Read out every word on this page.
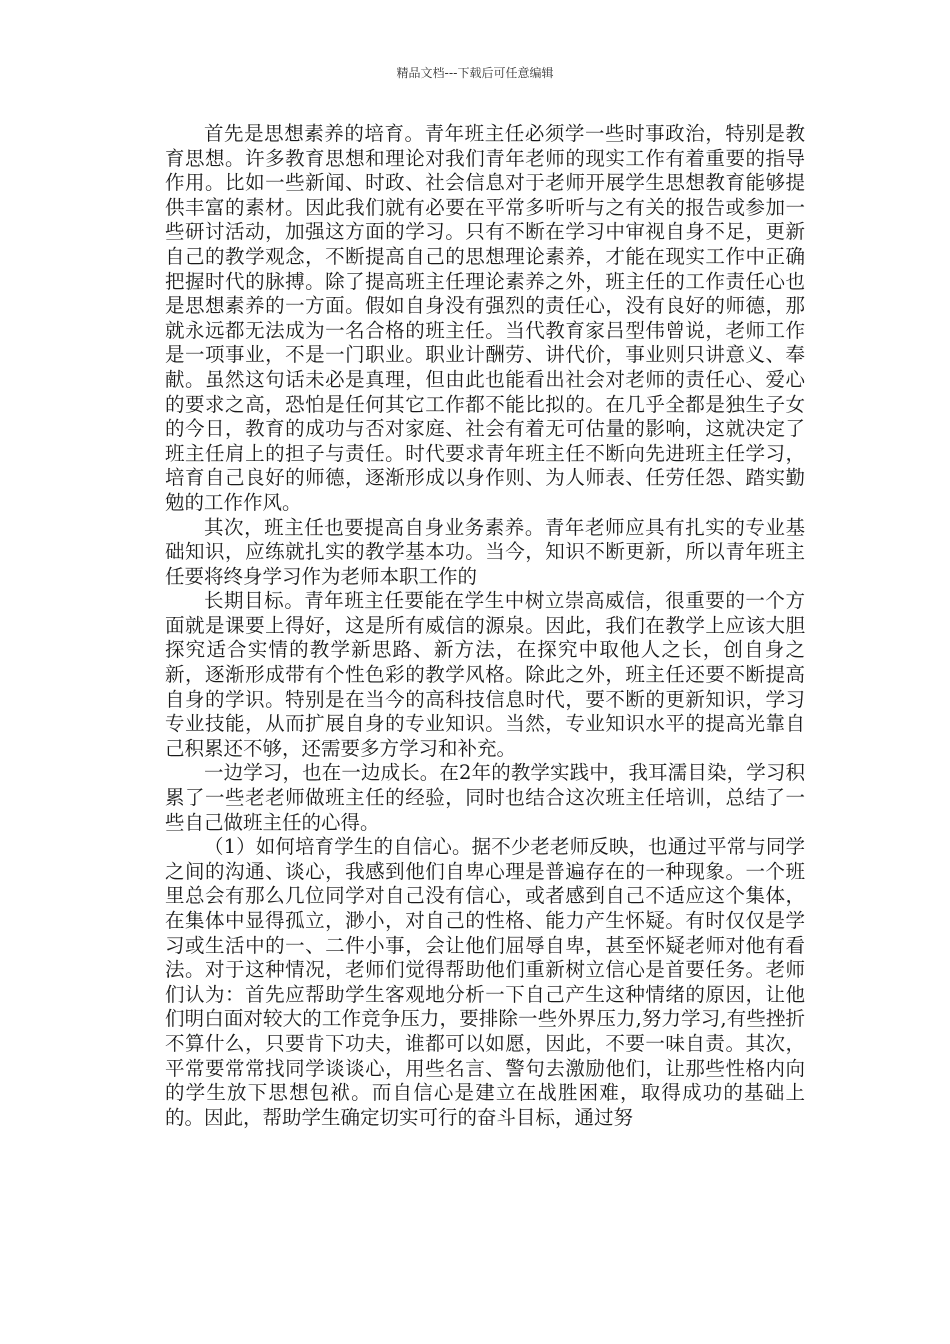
精品文档---下载后可任意编辑

首先是思想素养的培育。青年班主任必须学一些时事政治，特别是教育思想。许多教育思想和理论对我们青年老师的现实工作有着重要的指导作用。比如一些新闻、时政、社会信息对于老师开展学生思想教育能够提供丰富的素材。因此我们就有必要在平常多听听与之有关的报告或参加一些研讨活动，加强这方面的学习。只有不断在学习中审视自身不足，更新自己的教学观念，不断提高自己的思想理论素养，才能在现实工作中正确把握时代的脉搏。除了提高班主任理论素养之外，班主任的工作责任心也是思想素养的一方面。假如自身没有强烈的责任心，没有良好的师德，那就永远都无法成为一名合格的班主任。当代教育家吕型伟曾说，老师工作是一项事业，不是一门职业。职业计酬劳、讲代价，事业则只讲意义、奉献。虽然这句话未必是真理，但由此也能看出社会对老师的责任心、爱心的要求之高，恐怕是任何其它工作都不能比拟的。在几乎全都是独生子女的今日，教育的成功与否对家庭、社会有着无可估量的影响，这就决定了班主任肩上的担子与责任。时代要求青年班主任不断向先进班主任学习，培育自己良好的师德，逐渐形成以身作则、为人师表、任劳任怨、踏实勤勉的工作作风。

其次，班主任也要提高自身业务素养。青年老师应具有扎实的专业基础知识，应练就扎实的教学基本功。当今，知识不断更新，所以青年班主任要将终身学习作为老师本职工作的

长期目标。青年班主任要能在学生中树立崇高威信，很重要的一个方面就是课要上得好，这是所有威信的源泉。因此，我们在教学上应该大胆探究适合实情的教学新思路、新方法，在探究中取他人之长，创自身之新，逐渐形成带有个性色彩的教学风格。除此之外，班主任还要不断提高自身的学识。特别是在当今的高科技信息时代，要不断的更新知识，学习专业技能，从而扩展自身的专业知识。当然，专业知识水平的提高光靠自己积累还不够，还需要多方学习和补充。

一边学习，也在一边成长。在2年的教学实践中，我耳濡目染，学习积累了一些老老师做班主任的经验，同时也结合这次班主任培训，总结了一些自己做班主任的心得。

（1）如何培育学生的自信心。据不少老老师反映，也通过平常与同学之间的沟通、谈心，我感到他们自卑心理是普遍存在的一种现象。一个班里总会有那么几位同学对自己没有信心，或者感到自己不适应这个集体，在集体中显得孤立，渺小，对自己的性格、能力产生怀疑。有时仅仅是学习或生活中的一、二件小事，会让他们屈辱自卑，甚至怀疑老师对他有看法。对于这种情况，老师们觉得帮助他们重新树立信心是首要任务。老师们认为：首先应帮助学生客观地分析一下自己产生这种情绪的原因，让他们明白面对较大的工作竞争压力，要排除一些外界压力,努力学习,有些挫折不算什么，只要肯下功夫，谁都可以如愿，因此，不要一味自责。其次，平常要常常找同学谈谈心，用些名言、警句去激励他们，让那些性格内向的学生放下思想包袱。而自信心是建立在战胜困难，取得成功的基础上的。因此，帮助学生确定切实可行的奋斗目标，通过努
